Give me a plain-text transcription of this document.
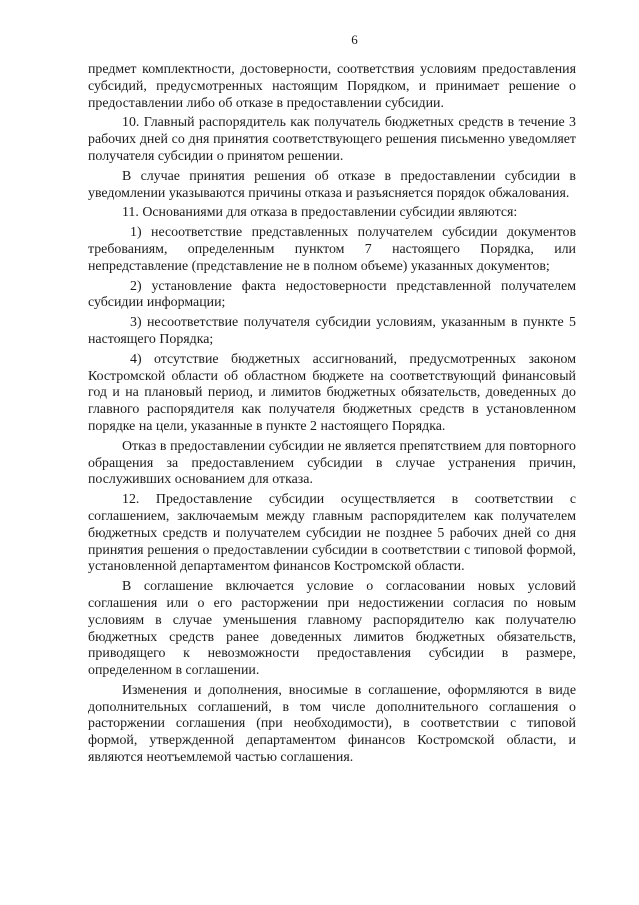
6

предмет комплектности, достоверности, соответствия условиям предоставления субсидий, предусмотренных настоящим Порядком, и принимает решение о предоставлении либо об отказе в предоставлении субсидии.

10. Главный распорядитель как получатель бюджетных средств в течение 3 рабочих дней со дня принятия соответствующего решения письменно уведомляет получателя субсидии о принятом решении.

В случае принятия решения об отказе в предоставлении субсидии в уведомлении указываются причины отказа и разъясняется порядок обжалования.

11. Основаниями для отказа в предоставлении субсидии являются:

1) несоответствие представленных получателем субсидии документов требованиям, определенным пунктом 7 настоящего Порядка, или непредставление (представление не в полном объеме) указанных документов;

2) установление факта недостоверности представленной получателем субсидии информации;

3) несоответствие получателя субсидии условиям, указанным в пункте 5 настоящего Порядка;

4) отсутствие бюджетных ассигнований, предусмотренных законом Костромской области об областном бюджете на соответствующий финансовый год и на плановый период, и лимитов бюджетных обязательств, доведенных до главного распорядителя как получателя бюджетных средств в установленном порядке на цели, указанные в пункте 2 настоящего Порядка.

Отказ в предоставлении субсидии не является препятствием для повторного обращения за предоставлением субсидии в случае устранения причин, послуживших основанием для отказа.

12. Предоставление субсидии осуществляется в соответствии с соглашением, заключаемым между главным распорядителем как получателем бюджетных средств и получателем субсидии не позднее 5 рабочих дней со дня принятия решения о предоставлении субсидии в соответствии с типовой формой, установленной департаментом финансов Костромской области.

В соглашение включается условие о согласовании новых условий соглашения или о его расторжении при недостижении согласия по новым условиям в случае уменьшения главному распорядителю как получателю бюджетных средств ранее доведенных лимитов бюджетных обязательств, приводящего к невозможности предоставления субсидии в размере, определенном в соглашении.

Изменения и дополнения, вносимые в соглашение, оформляются в виде дополнительных соглашений, в том числе дополнительного соглашения о расторжении соглашения (при необходимости), в соответствии с типовой формой, утвержденной департаментом финансов Костромской области, и являются неотъемлемой частью соглашения.
